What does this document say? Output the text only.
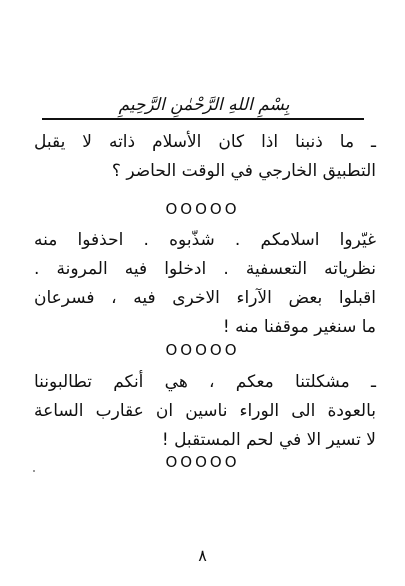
بِسْمِ اللهِ الرَّحْمٰنِ الرَّحِيمِ
ـ ما ذنبنا اذا كان الأسلام ذاته لا يقبل
التطبيق الخارجي في الوقت الحاضر ؟
OOOOO
غيّروا اسلامكم . شذّبوه . احذفوا منه
نظرياته التعسفية . ادخلوا فيه المرونة .
اقبلوا بعض الآراء الاخرى فيه ، فسرعان
ما سنغير موقفنا منه !
OOOOO
ـ مشكلتنا معكم ، هي أنكم تطالبوننا
بالعودة الى الوراء ناسين ان عقارب الساعة
لا تسير الا في لحم المستقبل !
OOOOO
٨
